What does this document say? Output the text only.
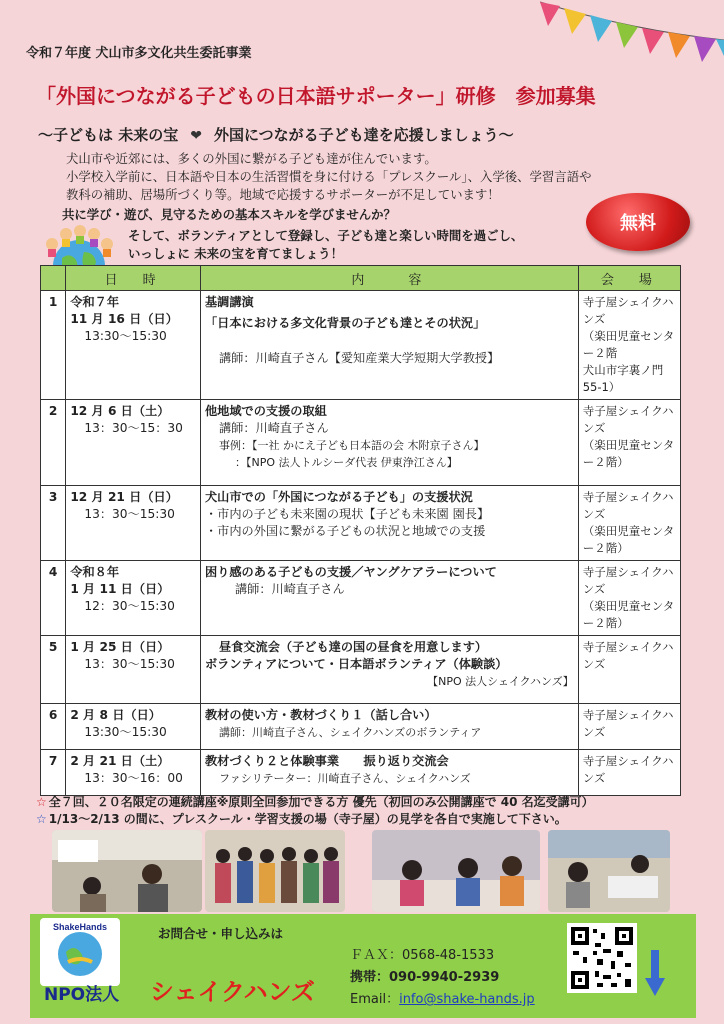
令和７年度 犬山市多文化共生委託事業
「外国につながる子どもの日本語サポーター」研修　参加募集
～子どもは 未来の宝 ❤ 外国につながる子ども達を応援しましょう～
犬山市や近郊には、多くの外国に繋がる子ども達が住んでいます。
小学校入学前に、日本語や日本の生活習慣を身に付ける「プレスクール」、入学後、学習言語や
教科の補助、居場所づくり等。地域で応援するサポーターが不足しています！
共に学び・遊び、見守るための基本スキルを学びませんか？
そして、ボランティアとして登録し、子ども達と楽しい時間を過ごし、
いっしょに 未来の宝を育てましょう！
無料
	日　時	内　　容	会　場
1	令和７年
11 月 16 日（日）
13:30～15:30	基調講演
「日本における多文化背景の子ども達とその状況」
講師：川崎直子さん【愛知産業大学短期大学教授】	寺子屋シェイクハンズ
（楽田児童センター２階
犬山市字裏ノ門55-1）

2	12 月 6 日（土）
13：30～15：30	他地域での支援の取組
講師：川崎直子さん
事例：【一社 かにえ子ども日本語の会 木附京子さん】
：【NPO 法人トルシーダ代表 伊東浄江さん】	寺子屋シェイクハンズ
（楽田児童センター２階）

3	12 月 21 日（日）
13：30～15:30	犬山市での「外国につながる子ども」の支援状況
・市内の子ども未来園の現状【子ども未来園 園長】
・市内の外国に繋がる子どもの状況と地域での支援	寺子屋シェイクハンズ
（楽田児童センター２階）

4	令和８年
1 月 11 日（日）
12：30～15:30	困り感のある子どもの支援／ヤングケアラーについて
講師：川崎直子さん	寺子屋シェイクハンズ
（楽田児童センター２階）

5	1 月 25 日（日）
13：30～15:30	昼食交流会（子ども達の国の昼食を用意します）
ボランティアについて・日本語ボランティア（体験談）
【NPO 法人シェイクハンズ】	寺子屋シェイクハンズ

6	2 月 8 日（日）
13:30～15:30	教材の使い方・教材づくり１（話し合い）
講師：川崎直子さん、シェイクハンズのボランティア	寺子屋シェイクハンズ

7	2 月 21 日（土）
13：30～16：00	教材づくり２と体験事業　　振り返り交流会
ファシリテーター：川崎直子さん、シェイクハンズ	寺子屋シェイクハンズ
☆ 全７回、２０名限定の連続講座※原則全回参加できる方 優先（初回のみ公開講座で 40 名迄受講可）
☆ 1/13～2/13 の間に、プレスクール・学習支援の場（寺子屋）の見学を各自で実施して下さい。
ShakeHands
NPO法人 シェイクハンズ
お問合せ・申し込みは
ＦＡＸ：0568-48-1533
携帯：090-9940-2939
Email：info@shake-hands.jp
